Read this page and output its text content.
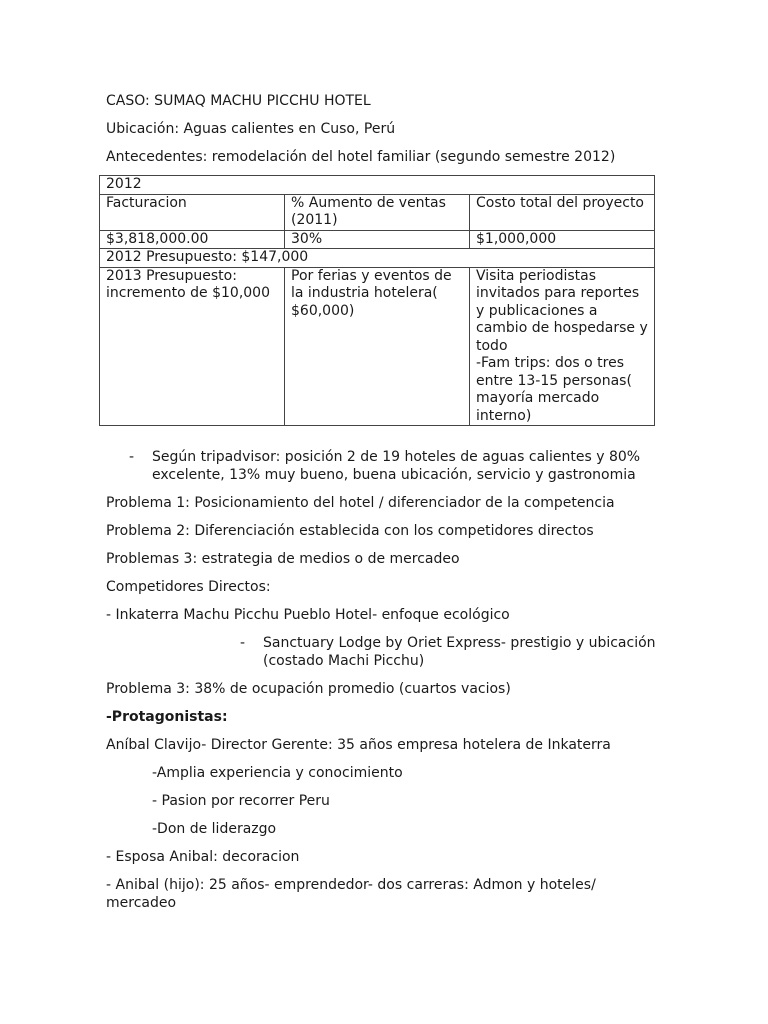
CASO: SUMAQ MACHU PICCHU HOTEL
Ubicación: Aguas calientes en Cuso, Perú
Antecedentes: remodelación del hotel familiar (segundo semestre 2012)
2012		
Facturacion	% Aumento de ventas (2011)	Costo total del proyecto
$3,818,000.00	30%	$1,000,000
2012 Presupuesto: $147,000		
2013 Presupuesto: incremento de $10,000	Por ferias y eventos de la industria hotelera( $60,000)	Visita periodistas invitados para reportes y publicaciones a cambio de hospedarse y todo
-Fam trips: dos o tres entre 13-15 personas( mayoría mercado interno)
- Según tripadvisor: posición 2 de 19 hoteles de aguas calientes y 80%
excelente, 13% muy bueno, buena ubicación, servicio y gastronomia
Problema 1: Posicionamiento del hotel / diferenciador de la competencia
Problema 2: Diferenciación establecida con los competidores directos
Problemas 3: estrategia de medios o de mercadeo
Competidores Directos:
- Inkaterra Machu Picchu Pueblo Hotel- enfoque ecológico
- Sanctuary Lodge by Oriet Express- prestigio y ubicación
(costado Machi Picchu)
Problema 3: 38% de ocupación promedio (cuartos vacios)
-Protagonistas:
Aníbal Clavijo- Director Gerente: 35 años empresa hotelera de Inkaterra
-Amplia experiencia y conocimiento
- Pasion por recorrer Peru
-Don de liderazgo
- Esposa Anibal: decoracion
- Anibal (hijo): 25 años- emprendedor- dos carreras: Admon y hoteles/
mercadeo
